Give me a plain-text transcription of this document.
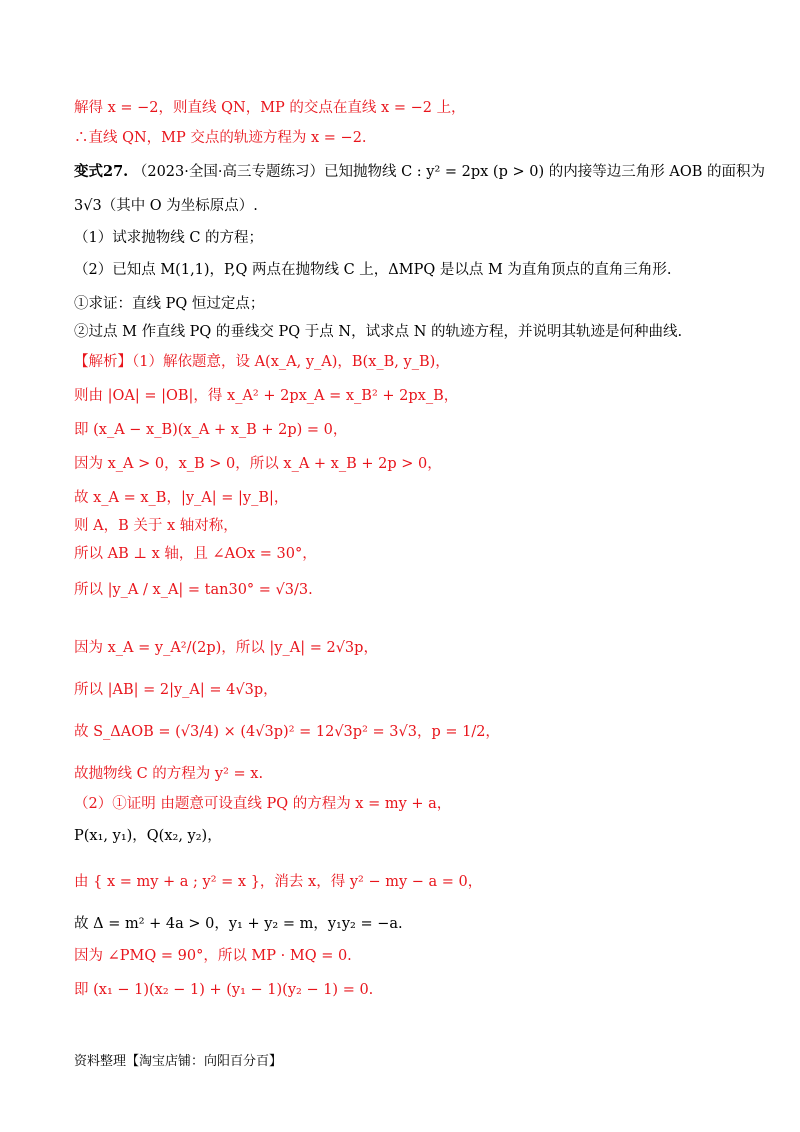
解得 x = −2，则直线 QN，MP 的交点在直线 x = −2 上，
∴直线 QN，MP 交点的轨迹方程为 x = −2.
变式27. （2023·全国·高三专题练习）已知抛物线 C : y² = 2px (p > 0) 的内接等边三角形 AOB 的面积为
3√3（其中 O 为坐标原点）.
（1）试求抛物线 C 的方程；
（2）已知点 M(1,1)，P,Q 两点在抛物线 C 上，ΔMPQ 是以点 M 为直角顶点的直角三角形.
①求证：直线 PQ 恒过定点；
②过点 M 作直线 PQ 的垂线交 PQ 于点 N，试求点 N 的轨迹方程，并说明其轨迹是何种曲线.
【解析】（1）解依题意，设 A(x_A, y_A)，B(x_B, y_B)，
则由 |OA| = |OB|，得 x_A² + 2px_A = x_B² + 2px_B，
即 (x_A − x_B)(x_A + x_B + 2p) = 0，
因为 x_A > 0，x_B > 0，所以 x_A + x_B + 2p > 0，
故 x_A = x_B，|y_A| = |y_B|，
则 A，B 关于 x 轴对称，
所以 AB ⊥ x 轴，且 ∠AOx = 30°，
所以 |y_A / x_A| = tan30° = √3/3.
因为 x_A = y_A²/(2p)，所以 |y_A| = 2√3p，
所以 |AB| = 2|y_A| = 4√3p，
故 S_ΔAOB = (√3/4) × (4√3p)² = 12√3p² = 3√3，p = 1/2，
故抛物线 C 的方程为 y² = x.
（2）①证明 由题意可设直线 PQ 的方程为 x = my + a，
P(x₁, y₁)，Q(x₂, y₂)，
由 { x = my + a ; y² = x }，消去 x，得 y² − my − a = 0，
故 Δ = m² + 4a > 0，y₁ + y₂ = m，y₁y₂ = −a.
因为 ∠PMQ = 90°，所以 MP · MQ = 0.
即 (x₁ − 1)(x₂ − 1) + (y₁ − 1)(y₂ − 1) = 0.
资料整理【淘宝店铺：向阳百分百】
